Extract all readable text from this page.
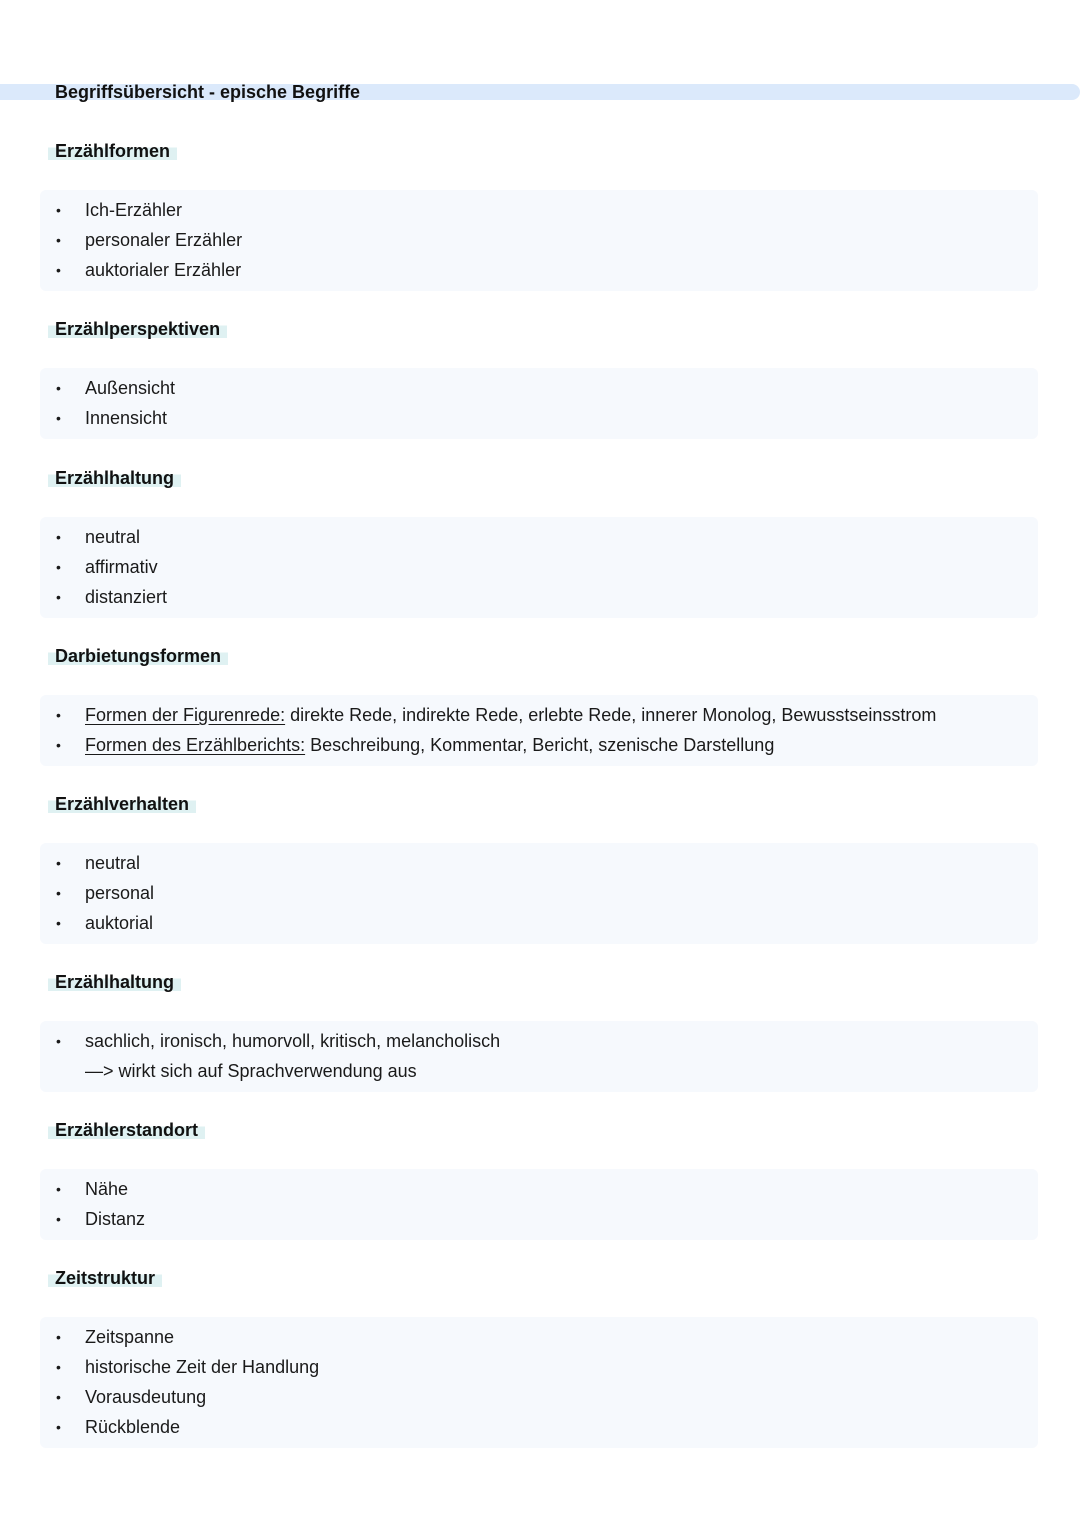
Begriffsübersicht - epische Begriffe
Erzählformen
• Ich-Erzähler
• personaler Erzähler
• auktorialer Erzähler
Erzählperspektiven
• Außensicht
• Innensicht
Erzählhaltung
• neutral
• affirmativ
• distanziert
Darbietungsformen
• Formen der Figurenrede: direkte Rede, indirekte Rede, erlebte Rede, innerer Monolog, Bewusstseinsstrom
• Formen des Erzählberichts: Beschreibung, Kommentar, Bericht, szenische Darstellung
Erzählverhalten
• neutral
• personal
• auktorial
Erzählhaltung
• sachlich, ironisch, humorvoll, kritisch, melancholisch
—> wirkt sich auf Sprachverwendung aus
Erzählerstandort
• Nähe
• Distanz
Zeitstruktur
• Zeitspanne
• historische Zeit der Handlung
• Vorausdeutung
• Rückblende
